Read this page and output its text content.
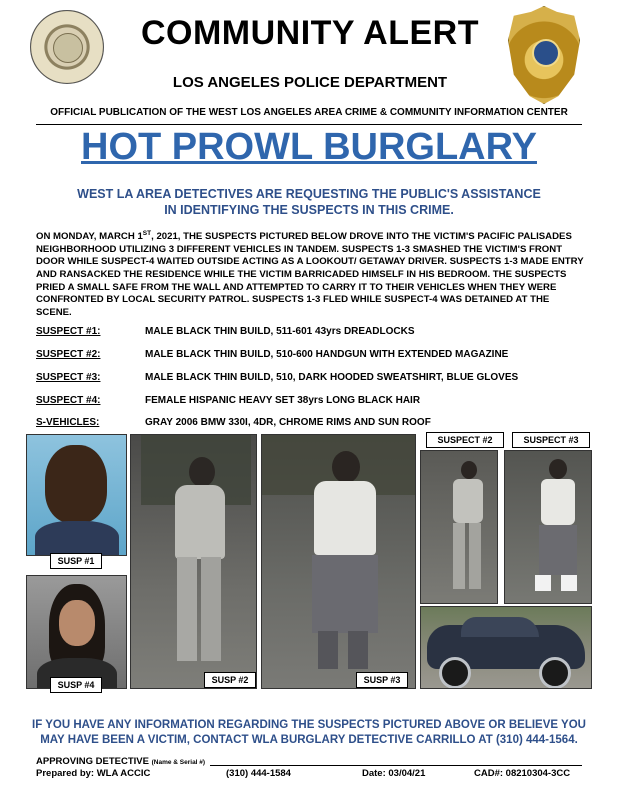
COMMUNITY ALERT
LOS ANGELES POLICE DEPARTMENT
OFFICIAL PUBLICATION OF THE WEST LOS ANGELES AREA CRIME & COMMUNITY INFORMATION CENTER
HOT PROWL BURGLARY
WEST LA AREA DETECTIVES ARE REQUESTING THE PUBLIC'S ASSISTANCE
IN IDENTIFYING THE SUSPECTS IN THIS CRIME.
ON MONDAY, MARCH 1ST, 2021, THE SUSPECTS PICTURED BELOW DROVE INTO THE VICTIM'S PACIFIC PALISADES NEIGHBORHOOD UTILIZING 3 DIFFERENT VEHICLES IN TANDEM. SUSPECTS 1-3 SMASHED THE VICTIM'S FRONT DOOR WHILE SUSPECT-4 WAITED OUTSIDE ACTING AS A LOOKOUT/ GETAWAY DRIVER. SUSPECTS 1-3 MADE ENTRY AND RANSACKED THE RESIDENCE WHILE THE VICTIM BARRICADED HIMSELF IN HIS BEDROOM. THE SUSPECTS PRIED A SMALL SAFE FROM THE WALL AND ATTEMPTED TO CARRY IT TO THEIR VEHICLES WHEN THEY WERE CONFRONTED BY LOCAL SECURITY PATROL. SUSPECTS 1-3 FLED WHILE SUSPECT-4 WAS DETAINED AT THE SCENE.
SUSPECT #1:	MALE BLACK THIN BUILD, 511-601 43yrs DREADLOCKS
SUSPECT #2:	MALE BLACK THIN BUILD, 510-600 HANDGUN WITH EXTENDED MAGAZINE
SUSPECT #3:	MALE BLACK THIN BUILD, 510, DARK HOODED SWEATSHIRT, BLUE GLOVES
SUSPECT #4:	FEMALE HISPANIC HEAVY SET 38yrs LONG BLACK HAIR
S-VEHICLES:	GRAY 2006 BMW 330I, 4DR, CHROME RIMS AND SUN ROOF
SUSPECT #2	SUSPECT #3
SUSP #1
SUSP #4	SUSP #2	SUSP #3
IF YOU HAVE ANY INFORMATION REGARDING THE SUSPECTS PICTURED ABOVE OR BELIEVE YOU
MAY HAVE BEEN A VICTIM, CONTACT WLA BURGLARY DETECTIVE CARRILLO AT (310) 444-1564.
APPROVING DETECTIVE (Name & Serial #)
Prepared by: WLA ACCIC	(310) 444-1584	Date: 03/04/21	CAD#: 08210304-3CC
